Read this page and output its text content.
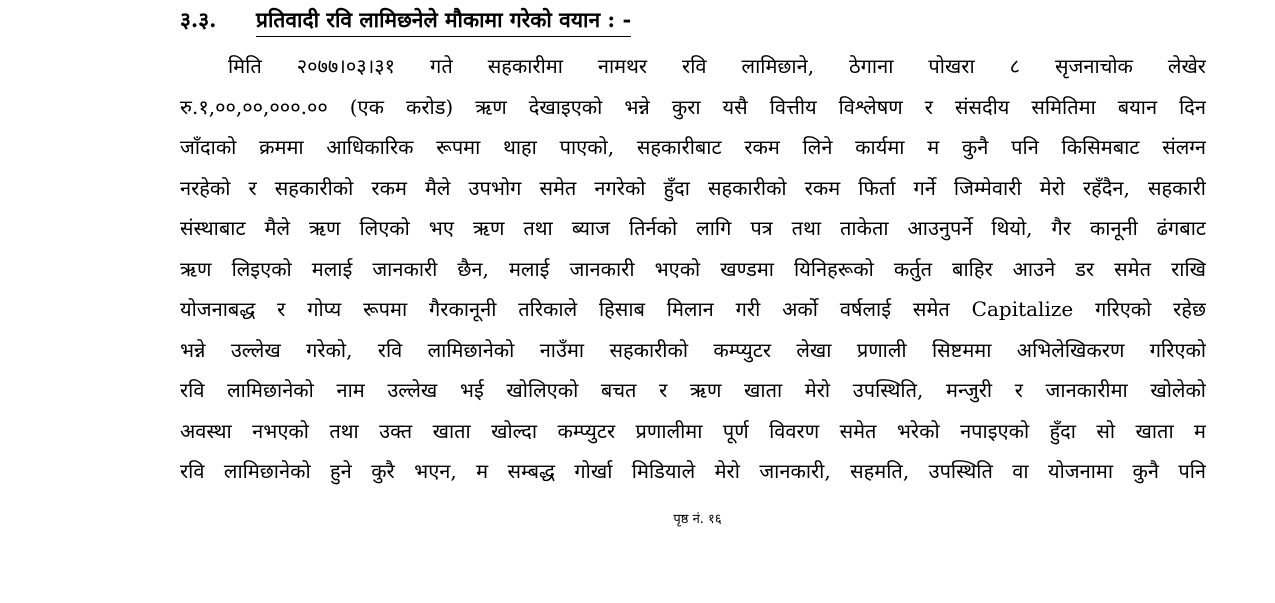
३.३.	प्रतिवादी रवि लामिछनेले मौकामा गरेको वयान : -
मिति २०७७।०३।३१ गते सहकारीमा नामथर रवि लामिछाने, ठेगाना पोखरा ८ सृजनाचोक लेखेर
रु.१,००,००,०००.०० (एक करोड) ऋण देखाइएको भन्ने कुरा यसै वित्तीय विश्लेषण र संसदीय समितिमा बयान दिन
जाँदाको क्रममा आधिकारिक रूपमा थाहा पाएको, सहकारीबाट रकम लिने कार्यमा म कुनै पनि किसिमबाट संलग्न
नरहेको र सहकारीको रकम मैले उपभोग समेत नगरेको हुँदा सहकारीको रकम फिर्ता गर्ने जिम्मेवारी मेरो रहँदैन, सहकारी
संस्थाबाट मैले ऋण लिएको भए ऋण तथा ब्याज तिर्नको लागि पत्र तथा ताकेता आउनुपर्ने थियो, गैर कानूनी ढंगबाट
ऋण लिइएको मलाई जानकारी छैन, मलाई जानकारी भएको खण्डमा यिनिहरूको कर्तुत बाहिर आउने डर समेत राखि
योजनाबद्ध र गोप्य रूपमा गैरकानूनी तरिकाले हिसाब मिलान गरी अर्को वर्षलाई समेत Capitalize गरिएको रहेछ
भन्ने उल्लेख गरेको, रवि लामिछानेको नाउँमा सहकारीको कम्प्युटर लेखा प्रणाली सिष्टममा अभिलेखिकरण गरिएको
रवि लामिछानेको नाम उल्लेख भई खोलिएको बचत र ऋण खाता मेरो उपस्थिति, मन्जुरी र जानकारीमा खोलेको
अवस्था नभएको तथा उक्त खाता खोल्दा कम्प्युटर प्रणालीमा पूर्ण विवरण समेत भरेको नपाइएको हुँदा सो खाता म
रवि लामिछानेको हुने कुरै भएन, म सम्बद्ध गोर्खा मिडियाले मेरो जानकारी, सहमति, उपस्थिति वा योजनामा कुनै पनि
पृष्ठ नं. १६
